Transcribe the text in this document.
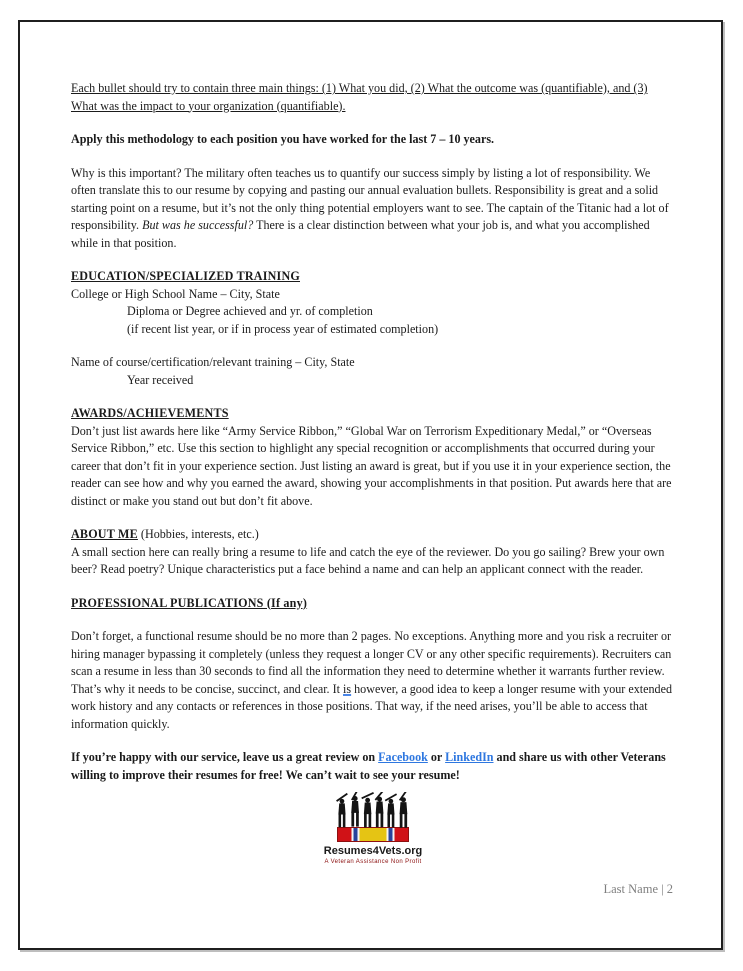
Each bullet should try to contain three main things: (1) What you did, (2) What the outcome was (quantifiable), and (3) What was the impact to your organization (quantifiable).

Apply this methodology to each position you have worked for the last 7 – 10 years.

Why is this important? The military often teaches us to quantify our success simply by listing a lot of responsibility. We often translate this to our resume by copying and pasting our annual evaluation bullets. Responsibility is great and a solid starting point on a resume, but it’s not the only thing potential employers want to see. The captain of the Titanic had a lot of responsibility. But was he successful? There is a clear distinction between what your job is, and what you accomplished while in that position.

EDUCATION/SPECIALIZED TRAINING
College or High School Name – City, State
Diploma or Degree achieved and yr. of completion
(if recent list year, or if in process year of estimated completion)
Name of course/certification/relevant training – City, State
Year received
AWARDS/ACHIEVEMENTS
Don’t just list awards here like “Army Service Ribbon,” “Global War on Terrorism Expeditionary Medal,” or “Overseas Service Ribbon,” etc. Use this section to highlight any special recognition or accomplishments that occurred during your career that don’t fit in your experience section. Just listing an award is great, but if you use it in your experience section, the reader can see how and why you earned the award, showing your accomplishments in that position. Put awards here that are distinct or make you stand out but don’t fit above.
ABOUT ME (Hobbies, interests, etc.)
A small section here can really bring a resume to life and catch the eye of the reviewer. Do you go sailing? Brew your own beer? Read poetry? Unique characteristics put a face behind a name and can help an applicant connect with the reader.

PROFESSIONAL PUBLICATIONS (If any)

Don’t forget, a functional resume should be no more than 2 pages. No exceptions. Anything more and you risk a recruiter or hiring manager bypassing it completely (unless they request a longer CV or any other specific requirements). Recruiters can scan a resume in less than 30 seconds to find all the information they need to determine whether it warrants further review. That’s why it needs to be concise, succinct, and clear. It is however, a good idea to keep a longer resume with your extended work history and any contacts or references in those positions. That way, if the need arises, you’ll be able to access that information quickly.

If you’re happy with our service, leave us a great review on Facebook or LinkedIn and share us with other Veterans willing to improve their resumes for free! We can’t wait to see your resume!

Resumes4Vets.org
A Veteran Assistance Non Profit
Last Name | 2
